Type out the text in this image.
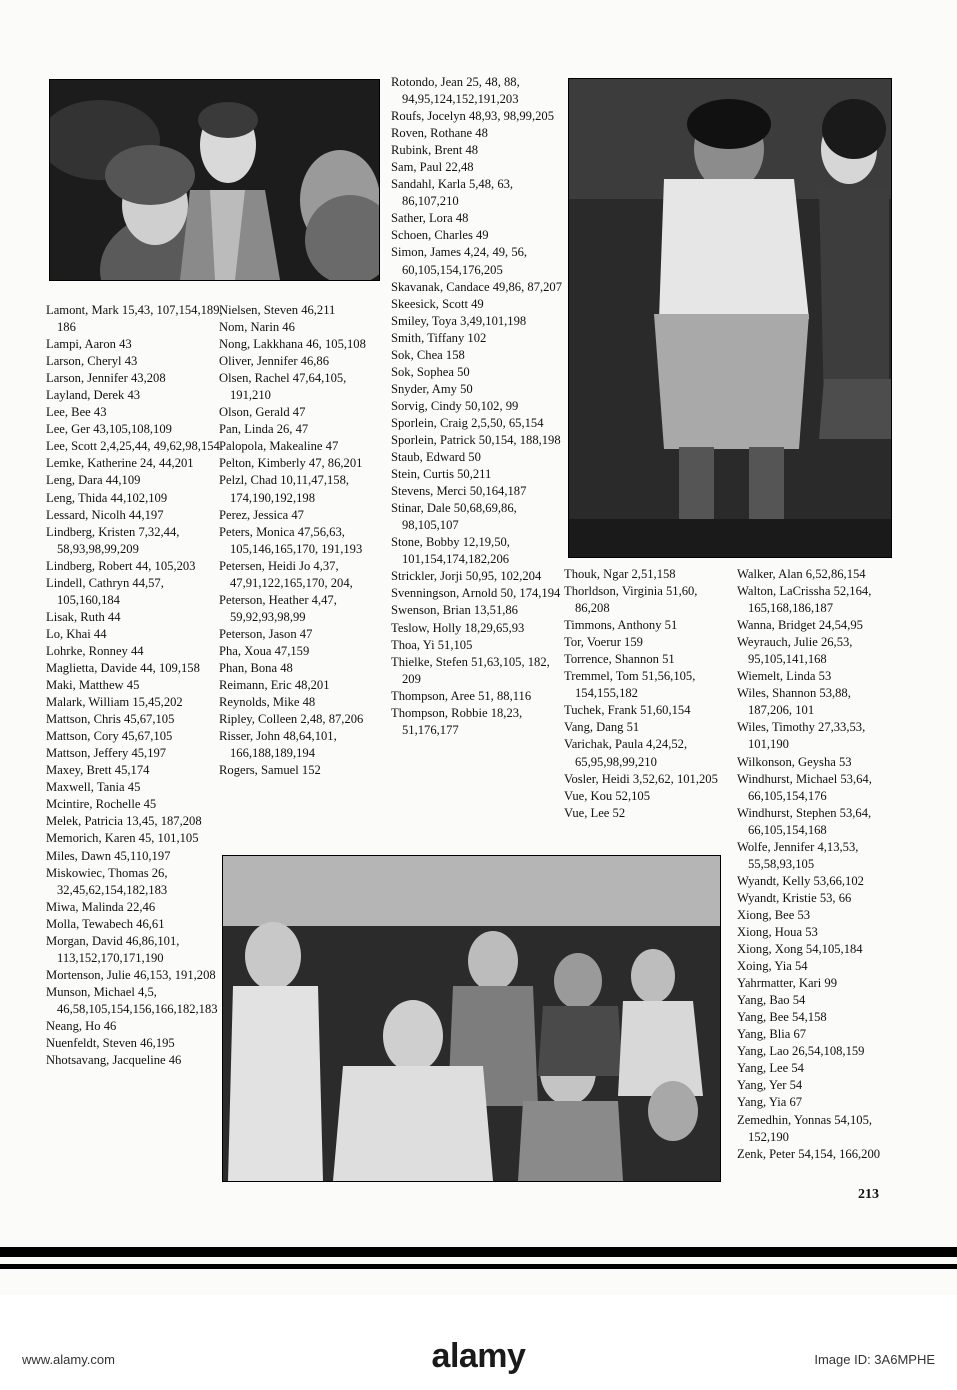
Lamont, Mark 15,43, 107,154,189, 186
Lampi, Aaron 43
Larson, Cheryl 43
Larson, Jennifer 43,208
Layland, Derek 43
Lee, Bee 43
Lee, Ger 43,105,108,109
Lee, Scott 2,4,25,44, 49,62,98,154
Lemke, Katherine 24, 44,201
Leng, Dara 44,109
Leng, Thida 44,102,109
Lessard, Nicolh 44,197
Lindberg, Kristen 7,32,44, 58,93,98,99,209
Lindberg, Robert 44, 105,203
Lindell, Cathryn 44,57, 105,160,184
Lisak, Ruth 44
Lo, Khai 44
Lohrke, Ronney 44
Maglietta, Davide 44, 109,158
Maki, Matthew 45
Malark, William 15,45,202
Mattson, Chris 45,67,105
Mattson, Cory 45,67,105
Mattson, Jeffery 45,197
Maxey, Brett 45,174
Maxwell, Tania 45
Mcintire, Rochelle 45
Melek, Patricia 13,45, 187,208
Memorich, Karen 45, 101,105
Miles, Dawn 45,110,197
Miskowiec, Thomas 26, 32,45,62,154,182,183
Miwa, Malinda 22,46
Molla, Tewabech 46,61
Morgan, David 46,86,101, 113,152,170,171,190
Mortenson, Julie 46,153, 191,208
Munson, Michael 4,5, 46,58,105,154,156,166,182,183
Neang, Ho 46
Nuenfeldt, Steven 46,195
Nhotsavang, Jacqueline 46
Nielsen, Steven 46,211
Nom, Narin 46
Nong, Lakkhana 46, 105,108
Oliver, Jennifer 46,86
Olsen, Rachel 47,64,105, 191,210
Olson, Gerald 47
Pan, Linda 26, 47
Palopola, Makealine 47
Pelton, Kimberly 47, 86,201
Pelzl, Chad 10,11,47,158, 174,190,192,198
Perez, Jessica 47
Peters, Monica 47,56,63, 105,146,165,170, 191,193
Petersen, Heidi Jo 4,37, 47,91,122,165,170, 204,
Peterson, Heather 4,47, 59,92,93,98,99
Peterson, Jason 47
Pha, Xoua 47,159
Phan, Bona 48
Reimann, Eric 48,201
Reynolds, Mike 48
Ripley, Colleen 2,48, 87,206
Risser, John 48,64,101, 166,188,189,194
Rogers, Samuel 152
Rotondo, Jean 25, 48, 88, 94,95,124,152,191,203
Roufs, Jocelyn 48,93, 98,99,205
Roven, Rothane 48
Rubink, Brent 48
Sam, Paul 22,48
Sandahl, Karla 5,48, 63, 86,107,210
Sather, Lora 48
Schoen, Charles 49
Simon, James 4,24, 49, 56, 60,105,154,176,205
Skavanak, Candace 49,86, 87,207
Skeesick, Scott 49
Smiley, Toya 3,49,101,198
Smith, Tiffany 102
Sok, Chea 158
Sok, Sophea 50
Snyder, Amy 50
Sorvig, Cindy 50,102, 99
Sporlein, Craig 2,5,50, 65,154
Sporlein, Patrick 50,154, 188,198
Staub, Edward 50
Stein, Curtis 50,211
Stevens, Merci 50,164,187
Stinar, Dale 50,68,69,86, 98,105,107
Stone, Bobby 12,19,50, 101,154,174,182,206
Strickler, Jorji 50,95, 102,204
Svenningson, Arnold 50, 174,194
Swenson, Brian 13,51,86
Teslow, Holly 18,29,65,93
Thoa, Yi 51,105
Thielke, Stefen 51,63,105, 182, 209
Thompson, Aree 51, 88,116
Thompson, Robbie 18,23, 51,176,177
Thouk, Ngar 2,51,158
Thorldson, Virginia 51,60, 86,208
Timmons, Anthony 51
Tor, Voerur 159
Torrence, Shannon 51
Tremmel, Tom 51,56,105, 154,155,182
Tuchek, Frank 51,60,154
Vang, Dang 51
Varichak, Paula 4,24,52, 65,95,98,99,210
Vosler, Heidi 3,52,62, 101,205
Vue, Kou 52,105
Vue, Lee 52
Walker, Alan 6,52,86,154
Walton, LaCrissha 52,164, 165,168,186,187
Wanna, Bridget 24,54,95
Weyrauch, Julie 26,53, 95,105,141,168
Wiemelt, Linda 53
Wiles, Shannon 53,88, 187,206, 101
Wiles, Timothy 27,33,53, 101,190
Wilkonson, Geysha 53
Windhurst, Michael 53,64, 66,105,154,176
Windhurst, Stephen 53,64, 66,105,154,168
Wolfe, Jennifer 4,13,53, 55,58,93,105
Wyandt, Kelly 53,66,102
Wyandt, Kristie 53, 66
Xiong, Bee 53
Xiong, Houa 53
Xiong, Xong 54,105,184
Xoing, Yia 54
Yahrmatter, Kari 99
Yang, Bao 54
Yang, Bee 54,158
Yang, Blia 67
Yang, Lao 26,54,108,159
Yang, Lee 54
Yang, Yer 54
Yang, Yia 67
Zemedhin, Yonnas 54,105, 152,190
Zenk, Peter 54,154, 166,200
213
alamy
www.alamy.com	Image ID: 3A6MPHE
